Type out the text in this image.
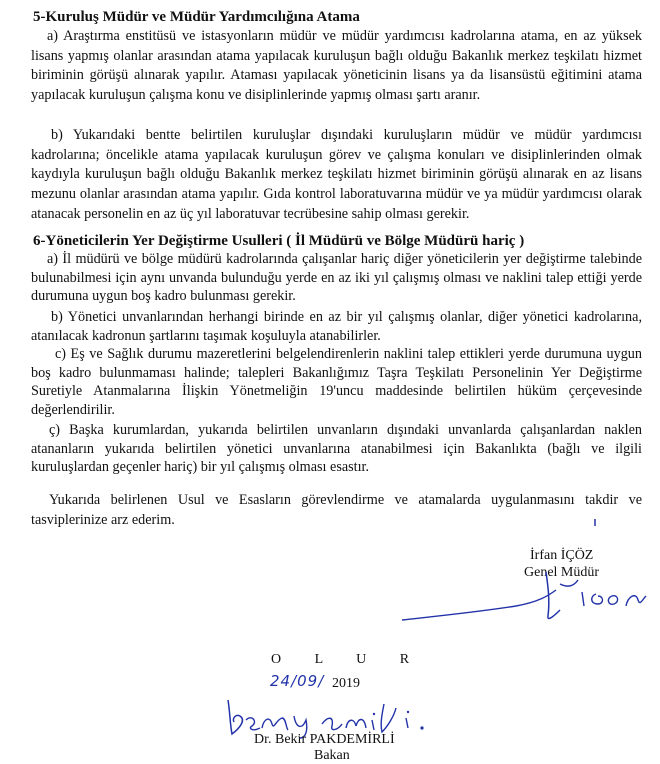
5-Kuruluş Müdür ve Müdür Yardımcılığına Atama
a) Araştırma enstitüsü ve istasyonların müdür ve müdür yardımcısı kadrolarına atama, en az yüksek lisans yapmış olanlar arasından atama yapılacak kuruluşun bağlı olduğu Bakanlık merkez teşkilatı hizmet biriminin görüşü alınarak yapılır. Ataması yapılacak yöneticinin lisans ya da lisansüstü eğitimini atama yapılacak kuruluşun çalışma konu ve disiplinlerinde yapmış olması şartı aranır.
b) Yukarıdaki bentte belirtilen kuruluşlar dışındaki kuruluşların müdür ve müdür yardımcısı kadrolarına; öncelikle atama yapılacak kuruluşun görev ve çalışma konuları ve disiplinlerinden olmak kaydıyla kuruluşun bağlı olduğu Bakanlık merkez teşkilatı hizmet biriminin görüşü alınarak en az lisans mezunu olanlar arasından atama yapılır. Gıda kontrol laboratuvarına müdür ve ya müdür yardımcısı olarak atanacak personelin en az üç yıl laboratuvar tecrübesine sahip olması gerekir.
6-Yöneticilerin Yer Değiştirme Usulleri ( İl Müdürü ve Bölge Müdürü hariç )
a) İl müdürü ve bölge müdürü kadrolarında çalışanlar hariç diğer yöneticilerin yer değiştirme talebinde bulunabilmesi için aynı unvanda bulunduğu yerde en az iki yıl çalışmış olması ve naklini talep ettiği yerde durumuna uygun boş kadro bulunması gerekir.
b) Yönetici unvanlarından herhangi birinde en az bir yıl çalışmış olanlar, diğer yönetici kadrolarına, atanılacak kadronun şartlarını taşımak koşuluyla atanabilirler.
c) Eş ve Sağlık durumu mazeretlerini belgelendirenlerin naklini talep ettikleri yerde durumuna uygun boş kadro bulunmaması halinde; talepleri Bakanlığımız Taşra Teşkilatı Personelinin Yer Değiştirme Suretiyle Atanmalarına İlişkin Yönetmeliğin 19'uncu maddesinde belirtilen hüküm çerçevesinde değerlendirilir.
ç) Başka kurumlardan, yukarıda belirtilen unvanların dışındaki unvanlarda çalışanlardan naklen atananların yukarıda belirtilen yönetici unvanlarına atanabilmesi için Bakanlıkta (bağlı ve ilgili kuruluşlardan geçenler hariç) bir yıl çalışmış olması esastır.
Yukarıda belirlenen Usul ve Esasların görevlendirme ve atamalarda uygulanmasını takdir ve tasviplerinize arz ederim.
İrfan İÇÖZ
Genel Müdür
O L U R
24/09/ 2019
Dr. Bekir PAKDEMİRLİ
Bakan
